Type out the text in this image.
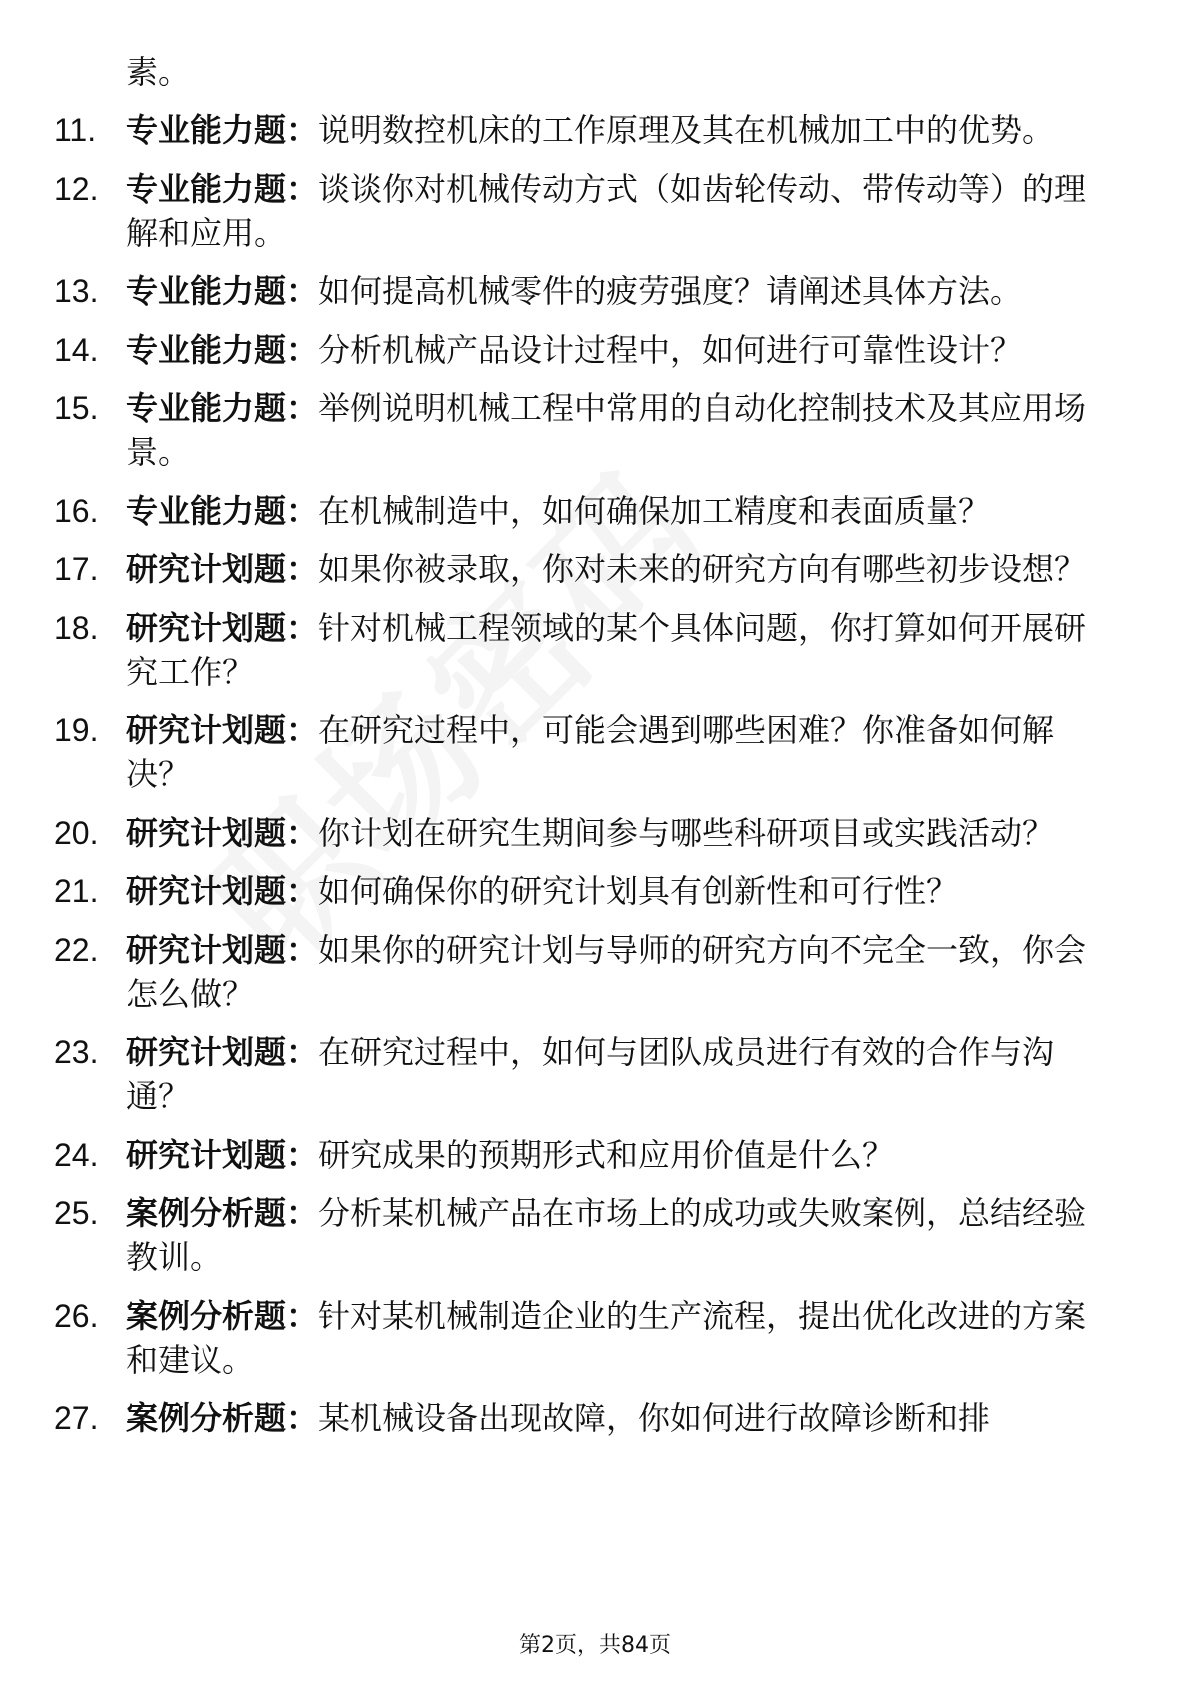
素。
11. 专业能力题：说明数控机床的工作原理及其在机械加工中的优势。
12. 专业能力题：谈谈你对机械传动方式（如齿轮传动、带传动等）的理解和应用。
13. 专业能力题：如何提高机械零件的疲劳强度？请阐述具体方法。
14. 专业能力题：分析机械产品设计过程中，如何进行可靠性设计？
15. 专业能力题：举例说明机械工程中常用的自动化控制技术及其应用场景。
16. 专业能力题：在机械制造中，如何确保加工精度和表面质量？
17. 研究计划题：如果你被录取，你对未来的研究方向有哪些初步设想？
18. 研究计划题：针对机械工程领域的某个具体问题，你打算如何开展研究工作？
19. 研究计划题：在研究过程中，可能会遇到哪些困难？你准备如何解决？
20. 研究计划题：你计划在研究生期间参与哪些科研项目或实践活动？
21. 研究计划题：如何确保你的研究计划具有创新性和可行性？
22. 研究计划题：如果你的研究计划与导师的研究方向不完全一致，你会怎么做？
23. 研究计划题：在研究过程中，如何与团队成员进行有效的合作与沟通？
24. 研究计划题：研究成果的预期形式和应用价值是什么？
25. 案例分析题：分析某机械产品在市场上的成功或失败案例，总结经验教训。
26. 案例分析题：针对某机械制造企业的生产流程，提出优化改进的方案和建议。
27. 案例分析题：某机械设备出现故障，你如何进行故障诊断和排
第2页，共84页
